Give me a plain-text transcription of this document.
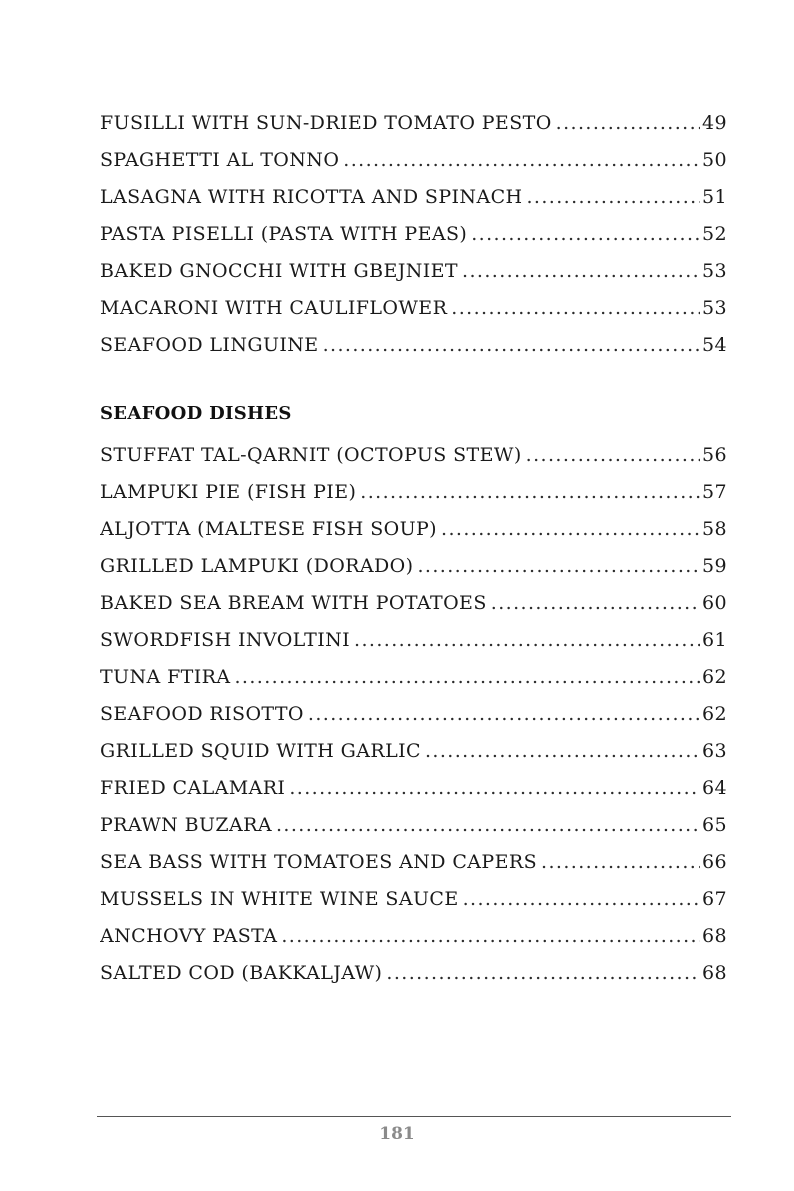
FUSILLI WITH SUN-DRIED TOMATO PESTO .....	49
SPAGHETTI AL TONNO .....	50
LASAGNA WITH RICOTTA AND SPINACH .....	51
PASTA PISELLI (PASTA WITH PEAS) .....	52
BAKED GNOCCHI WITH GBEJNIET .....	53
MACARONI WITH CAULIFLOWER .....	53
SEAFOOD LINGUINE .....	54
SEAFOOD DISHES
STUFFAT TAL-QARNIT (OCTOPUS STEW) .....	56
LAMPUKI PIE (FISH PIE) .....	57
ALJOTTA (MALTESE FISH SOUP) .....	58
GRILLED LAMPUKI (DORADO) .....	59
BAKED SEA BREAM WITH POTATOES .....	60
SWORDFISH INVOLTINI .....	61
TUNA FTIRA .....	62
SEAFOOD RISOTTO .....	62
GRILLED SQUID WITH GARLIC .....	63
FRIED CALAMARI .....	64
PRAWN BUZARA .....	65
SEA BASS WITH TOMATOES AND CAPERS .....	66
MUSSELS IN WHITE WINE SAUCE .....	67
ANCHOVY PASTA .....	68
SALTED COD (BAKKALJAW) .....	68
181
